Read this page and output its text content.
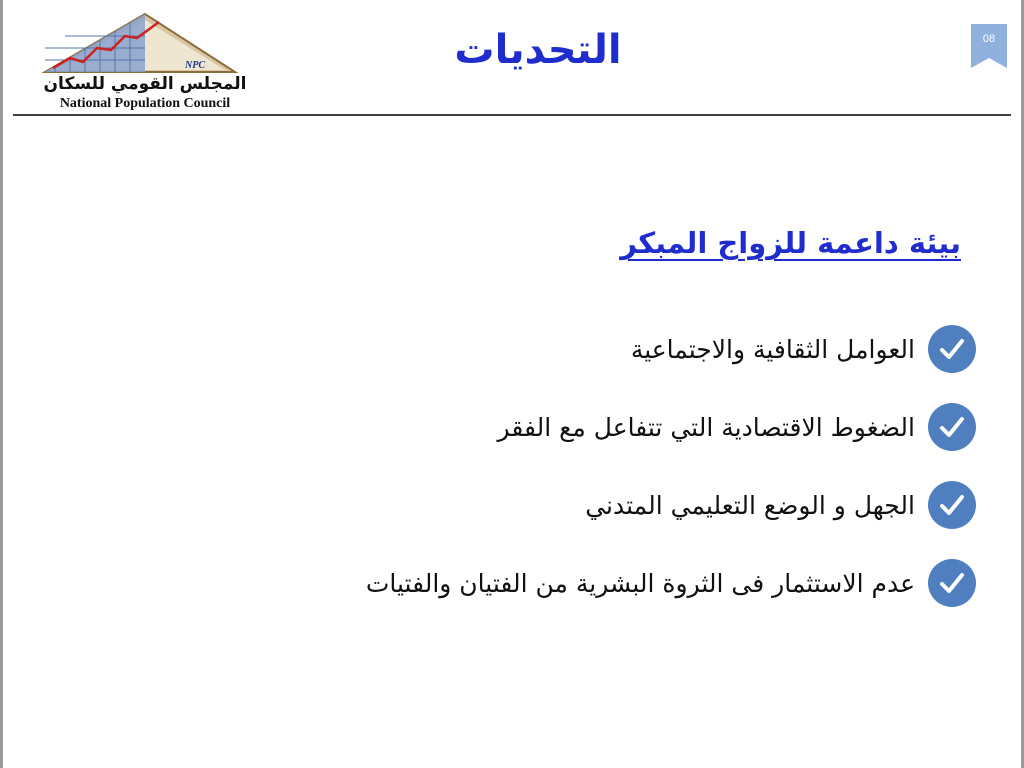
NPC
المجلس القومي للسكان
National Population Council
التحديات	08
بيئة داعمة للزواج المبكر
العوامل الثقافية والاجتماعية
الضغوط الاقتصادية التي تتفاعل مع الفقر
الجهل و الوضع التعليمي المتدني
عدم الاستثمار فى الثروة البشرية من الفتيان والفتيات
